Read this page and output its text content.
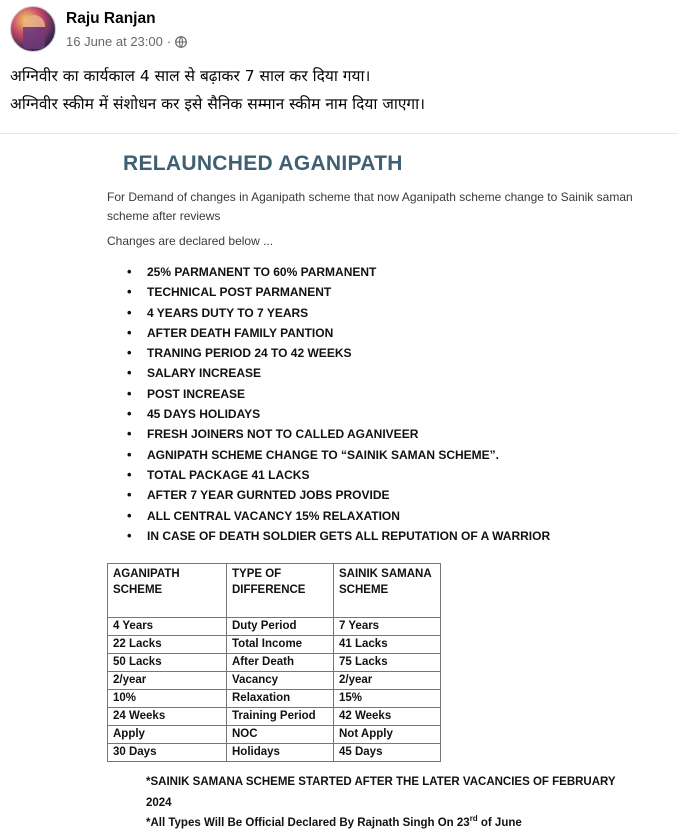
Raju Ranjan
16 June at 23:00 ·
अग्निवीर का कार्यकाल 4 साल से बढ़ाकर 7 साल कर दिया गया।
अग्निवीर स्कीम में संशोधन कर इसे सैनिक सम्मान स्कीम नाम दिया जाएगा।
RELAUNCHED AGANIPATH
For Demand of changes in Aganipath scheme that now Aganipath scheme change to Sainik saman scheme after reviews
Changes are declared below ...
• 25% PARMANENT TO 60% PARMANENT
• TECHNICAL POST PARMANENT
• 4 YEARS DUTY TO 7 YEARS
• AFTER DEATH FAMILY PANTION
• TRANING PERIOD 24 TO 42 WEEKS
• SALARY INCREASE
• POST INCREASE
• 45 DAYS HOLIDAYS
• FRESH JOINERS NOT TO CALLED AGANIVEER
• AGNIPATH SCHEME CHANGE TO “SAINIK SAMAN SCHEME”.
• TOTAL PACKAGE 41 LACKS
• AFTER 7 YEAR GURNTED JOBS PROVIDE
• ALL CENTRAL VACANCY 15% RELAXATION
• IN CASE OF DEATH SOLDIER GETS ALL REPUTATION OF A WARRIOR
AGANIPATH SCHEME	TYPE OF DIFFERENCE	SAINIK SAMANA SCHEME
4 Years	Duty Period	7 Years
22 Lacks	Total Income	41 Lacks
50 Lacks	After Death	75 Lacks
2/year	Vacancy	2/year
10%	Relaxation	15%
24 Weeks	Training Period	42 Weeks
Apply	NOC	Not Apply
30 Days	Holidays	45 Days
*SAINIK SAMANA SCHEME STARTED AFTER THE LATER VACANCIES OF FEBRUARY 2024
*All Types Will Be Official Declared By Rajnath Singh On 23rd of June
